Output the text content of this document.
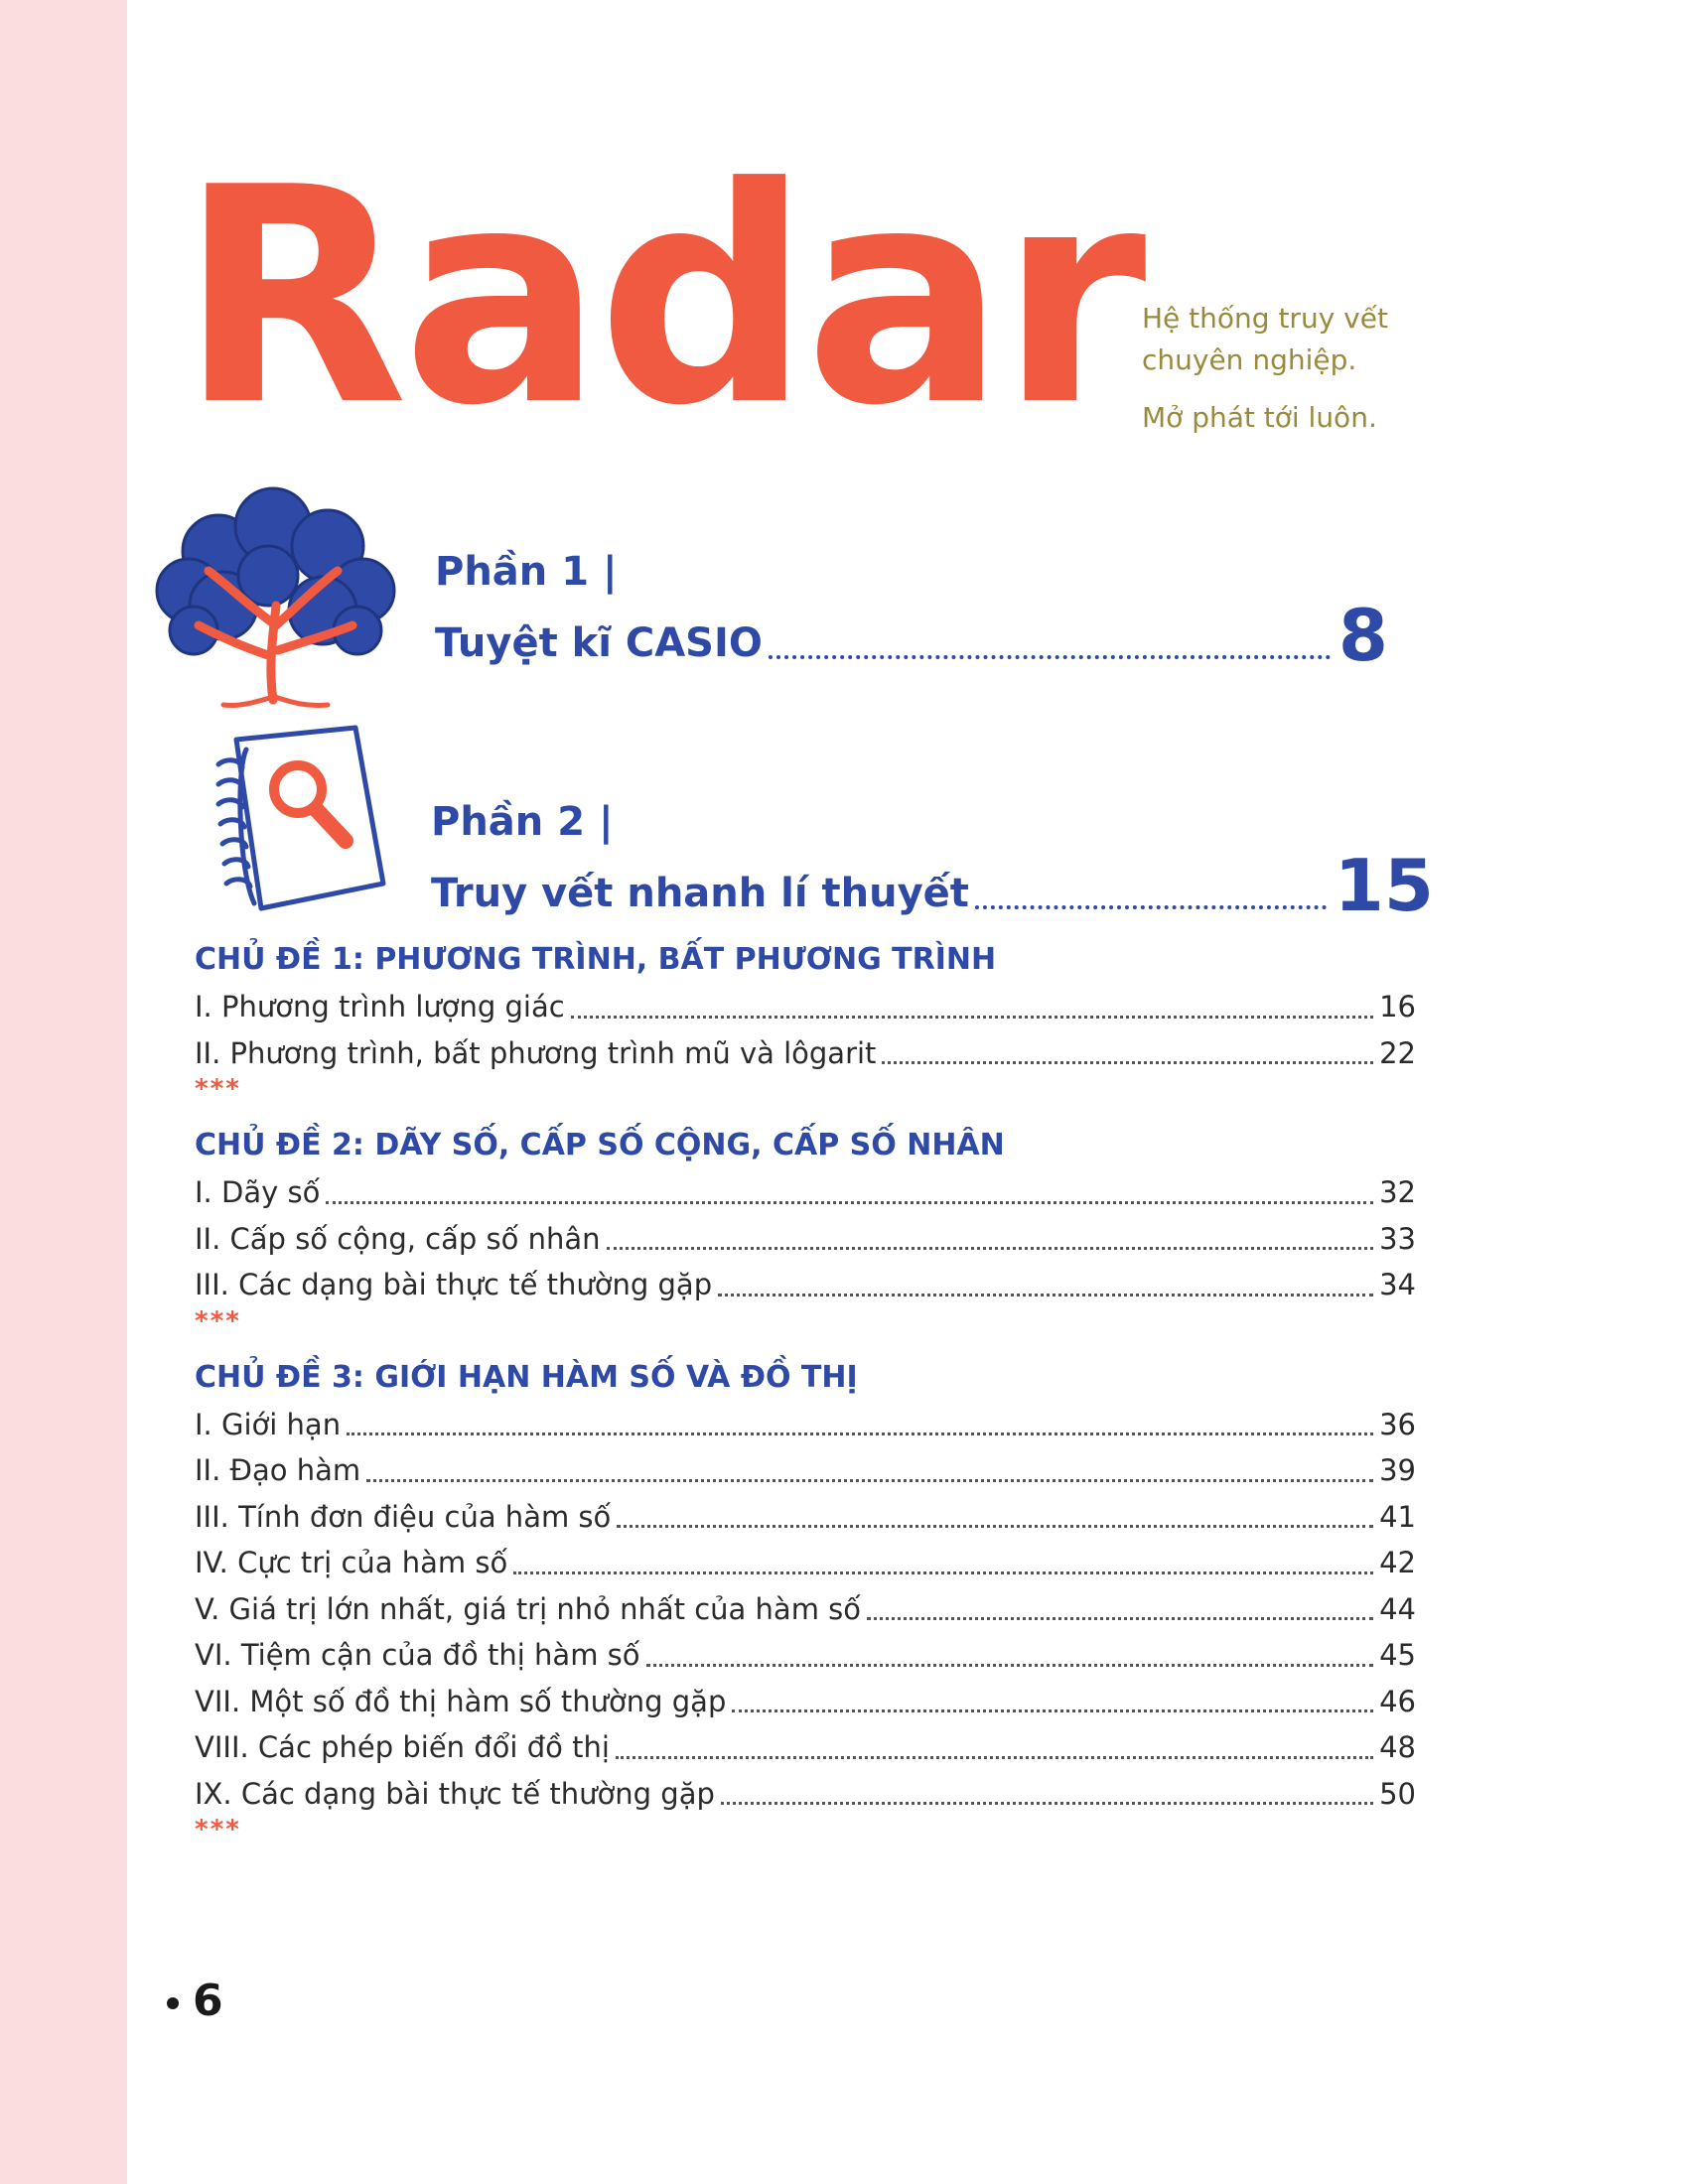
Radar Hệ thống truy vết

chuyên nghiệp.

Mở phát tới luôn.

Phần 1 |
Tuyệt kĩ CASIO	8
Phần 2 |
Truy vết nhanh lí thuyết	15
CHỦ ĐỀ 1: PHƯƠNG TRÌNH, BẤT PHƯƠNG TRÌNH
I. Phương trình lượng giác	16
II. Phương trình, bất phương trình mũ và lôgarit	22
***
CHỦ ĐỀ 2: DÃY SỐ, CẤP SỐ CỘNG, CẤP SỐ NHÂN
I. Dãy số	32
II. Cấp số cộng, cấp số nhân	33
III. Các dạng bài thực tế thường gặp	34
***
CHỦ ĐỀ 3: GIỚI HẠN HÀM SỐ VÀ ĐỒ THỊ
I. Giới hạn	36
II. Đạo hàm	39
III. Tính đơn điệu của hàm số	41
IV. Cực trị của hàm số	42
V. Giá trị lớn nhất, giá trị nhỏ nhất của hàm số	44
VI. Tiệm cận của đồ thị hàm số	45
VII. Một số đồ thị hàm số thường gặp	46
VIII. Các phép biến đổi đồ thị	48
IX. Các dạng bài thực tế thường gặp	50
***
6
